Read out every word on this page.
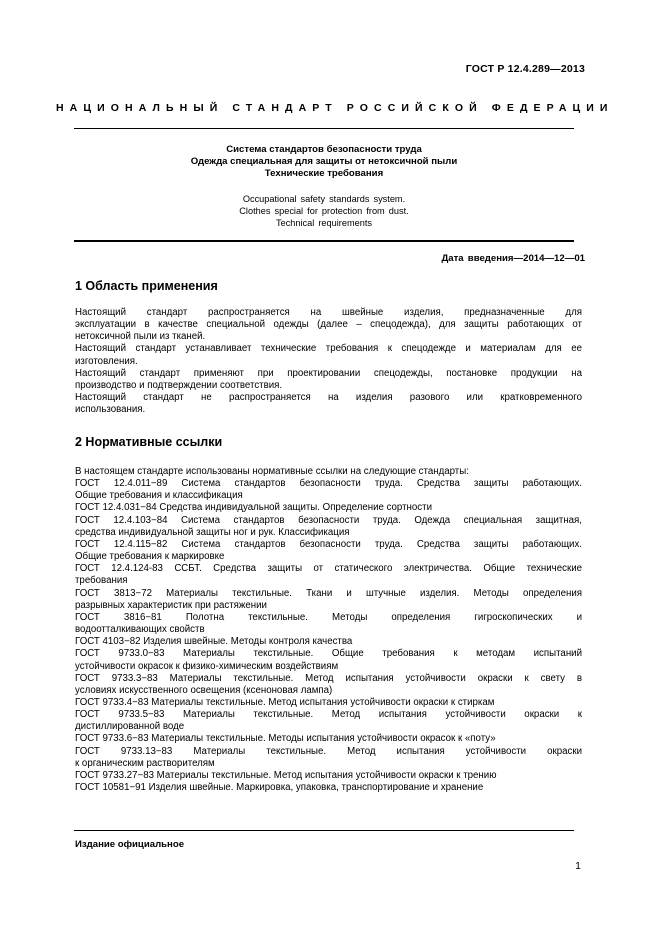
ГОСТ Р 12.4.289—2013
НАЦИОНАЛЬНЫЙ СТАНДАРТ РОССИЙСКОЙ ФЕДЕРАЦИИ
Система стандартов безопасности труда
Одежда специальная для защиты от нетоксичной пыли
Технические требования
Occupational safety standards system.
Clothes special for protection from dust.
Technical requirements
Дата введения—2014—12—01
1 Область применения
Настоящий стандарт распространяется на швейные изделия, предназначенные для
эксплуатации в качестве специальной одежды (далее – спецодежда), для защиты работающих от
нетоксичной пыли из тканей.
Настоящий стандарт устанавливает технические требования к спецодежде и материалам для ее
изготовления.
Настоящий стандарт применяют при проектировании спецодежды, постановке продукции на
производство и подтверждении соответствия.
Настоящий стандарт не распространяется на изделия разового или кратковременного
использования.
2 Нормативные ссылки
В настоящем стандарте использованы нормативные ссылки на следующие стандарты:
ГОСТ 12.4.011−89 Система стандартов безопасности труда. Средства защиты работающих.
Общие требования и классификация
ГОСТ 12.4.031−84 Средства индивидуальной защиты. Определение сортности
ГОСТ 12.4.103−84 Система стандартов безопасности труда. Одежда специальная защитная,
средства индивидуальной защиты ног и рук. Классификация
ГОСТ 12.4.115−82 Система стандартов безопасности труда. Средства защиты работающих.
Общие требования к маркировке
ГОСТ 12.4.124-83 ССБТ. Средства защиты от статического электричества. Общие технические
требования
ГОСТ 3813−72 Материалы текстильные. Ткани и штучные изделия. Методы определения
разрывных характеристик при растяжении
ГОСТ 3816−81 Полотна текстильные. Методы определения гигроскопических и
водоотталкивающих свойств
ГОСТ 4103−82 Изделия швейные. Методы контроля качества
ГОСТ 9733.0−83 Материалы текстильные. Общие требования к методам испытаний
устойчивости окрасок к физико-химическим воздействиям
ГОСТ 9733.3−83 Материалы текстильные. Метод испытания устойчивости окраски к свету в
условиях искусственного освещения (ксеноновая лампа)
ГОСТ 9733.4−83 Материалы текстильные. Метод испытания устойчивости окраски к стиркам
ГОСТ 9733.5−83 Материалы текстильные. Метод испытания устойчивости окраски к
дистиллированной воде
ГОСТ 9733.6−83 Материалы текстильные. Методы испытания устойчивости окрасок к «поту»
ГОСТ 9733.13−83 Материалы текстильные. Метод испытания устойчивости окраски
к органическим растворителям
ГОСТ 9733.27−83 Материалы текстильные. Метод испытания устойчивости окраски к трению
ГОСТ 10581−91 Изделия швейные. Маркировка, упаковка, транспортирование и хранение
Издание официальное
1
